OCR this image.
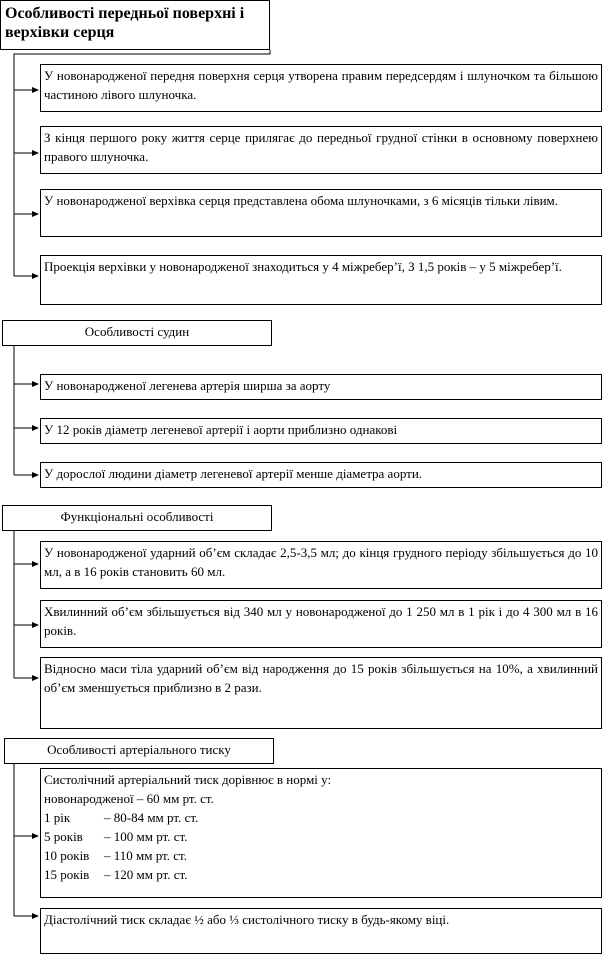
Особливості передньої поверхні і верхівки серця
У новонародженої передня поверхня серця утворена правим передсердям і шлуночком та більшою частиною лівого шлуночка.
З кінця першого року життя серце прилягає до передньої грудної стінки в основному поверхнею правого шлуночка.
У новонародженої верхівка серця представлена обома шлуночками, з 6 місяців тільки лівим.
Проекція верхівки у новонародженої знаходиться у 4 міжребер’ї, З 1,5 років – у 5 міжребер’ї.
Особливості судин
У новонародженої легенева артерія ширша за аорту
У 12 років діаметр легеневої артерії і аорти приблизно однакові
У дорослої людини діаметр легеневої артерії менше діаметра аорти.
Функціональні особливості
У новонародженої ударний об’єм складає 2,5-3,5 мл; до кінця грудного періоду збільшується до 10 мл, а в 16 років становить 60 мл.
Хвилинний об’єм збільшується від 340 мл у новонародженої до 1 250 мл в 1 рік і до 4 300 мл в 16 років.
Відносно маси тіла ударний об’єм від народження до 15 років збільшується на 10%, а хвилинний об’єм зменшується приблизно в 2 рази.
Особливості артеріального тиску
Систолічний артеріальний тиск дорівнює в нормі у:
новонародженої – 60 мм рт. ст.
1 рік	– 80-84 мм рт. ст.
5 років	– 100 мм рт. ст.
10 років	– 110 мм рт. ст.
15 років	– 120 мм рт. ст.
Діастолічний тиск складає ½ або ⅓ систолічного тиску в будь-якому віці.
